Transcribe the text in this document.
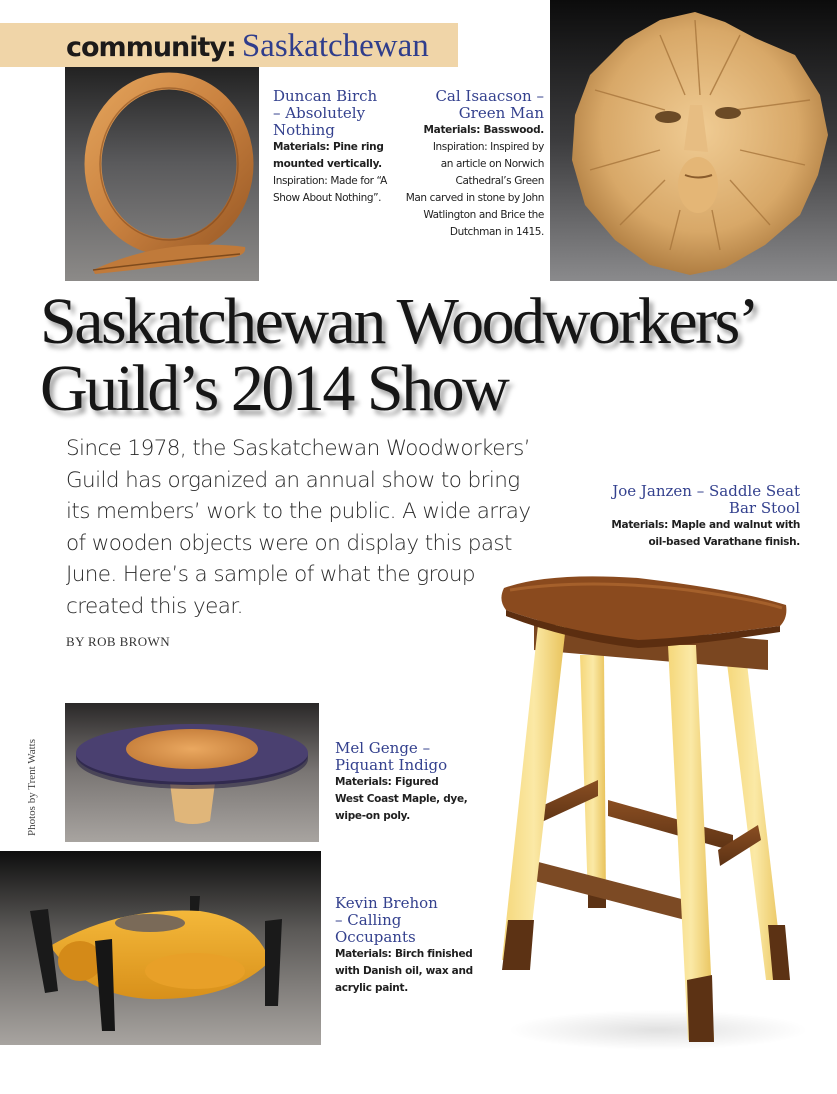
community: Saskatchewan

Duncan Birch
– Absolutely
Nothing

Materials: Pine ring
mounted vertically.

Inspiration: Made for “A
Show About Nothing”.

Cal Isaacson –
Green Man

Materials: Basswood.

Inspiration: Inspired by
an article on Norwich
Cathedral’s Green
Man carved in stone by John
Watlington and Brice the
Dutchman in 1415.

Saskatchewan Woodworkers’
Guild’s 2014 Show

Since 1978, the Saskatchewan Woodworkers’
Guild has organized an annual show to bring
its members’ work to the public. A wide array
of wooden objects were on display this past
June. Here’s a sample of what the group
created this year.

BY ROB BROWN

Joe Janzen – Saddle Seat
Bar Stool

Materials: Maple and walnut with
oil-based Varathane finish.

Photos by Trent Watts	Mel Genge –
Piquant Indigo

Materials: Figured
West Coast Maple, dye,
wipe-on poly.

Kevin Brehon
– Calling
Occupants

Materials: Birch finished
with Danish oil, wax and
acrylic paint.
